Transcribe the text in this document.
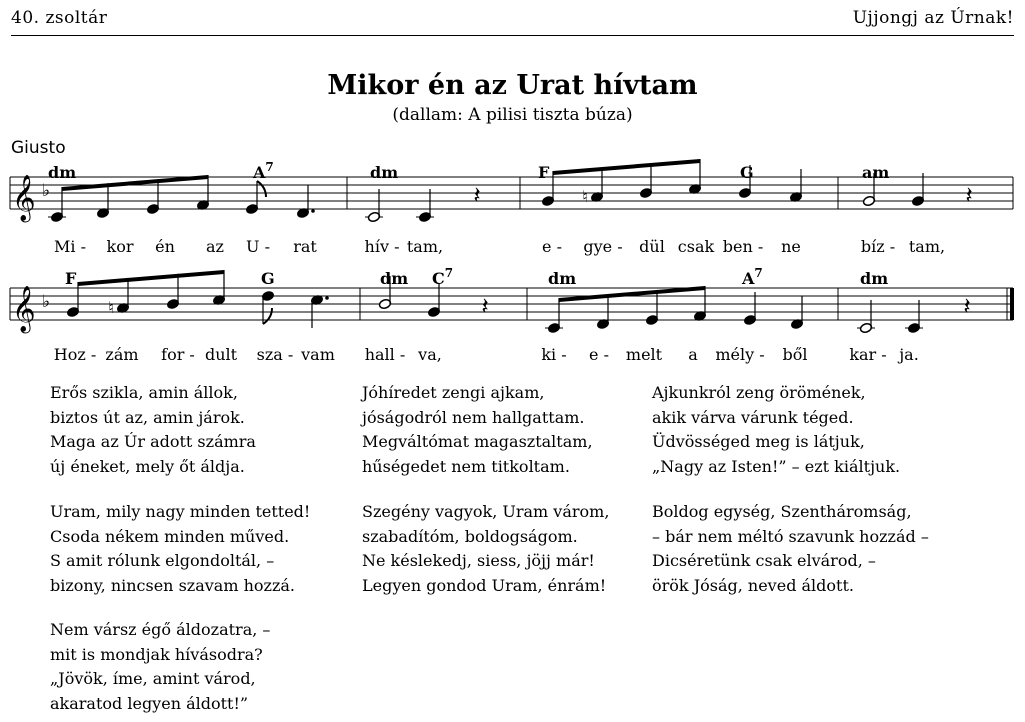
40. zsoltár	Ujjongj az Úrnak!
Mikor én az Urat hívtam
(dallam: A pilisi tiszta búza)
Giusto
𝄞 ♭	𝄽	♮	𝄽
dm	$A^7$	dm	F	G	am
Mi - kor én az U - rat	hív - tam,	e - gye - dül csak ben - ne	bíz - tam,
𝄞 ♭	♮	𝄽	𝄽
F	G	dm $C^7$	dm	$A^7$	dm
Hoz - zám for - dult sza - vam hall - va,	ki - e - melt a mély - ből	kar - ja.
Erős szikla, amin állok,
biztos út az, amin járok.
Maga az Úr adott számra
új éneket, mely őt áldja.
Jóhíredet zengi ajkam,
jóságodról nem hallgattam.
Megváltómat magasztaltam,
hűségedet nem titkoltam.
Ajkunkról zeng örömének,
akik várva várunk téged.
Üdvösséged meg is látjuk,
„Nagy az Isten!” – ezt kiáltjuk.
Uram, mily nagy minden tetted!
Csoda nékem minden műved.
S amit rólunk elgondoltál, –
bizony, nincsen szavam hozzá.
Szegény vagyok, Uram várom,
szabadítóm, boldogságom.
Ne késlekedj, siess, jöjj már!
Legyen gondod Uram, énrám!
Boldog egység, Szentháromság,
– bár nem méltó szavunk hozzád –
Dicséretünk csak elvárod, –
örök Jóság, neved áldott.
Nem vársz égő áldozatra, –
mit is mondjak hívásodra?
„Jövök, íme, amint várod,
akaratod legyen áldott!”
